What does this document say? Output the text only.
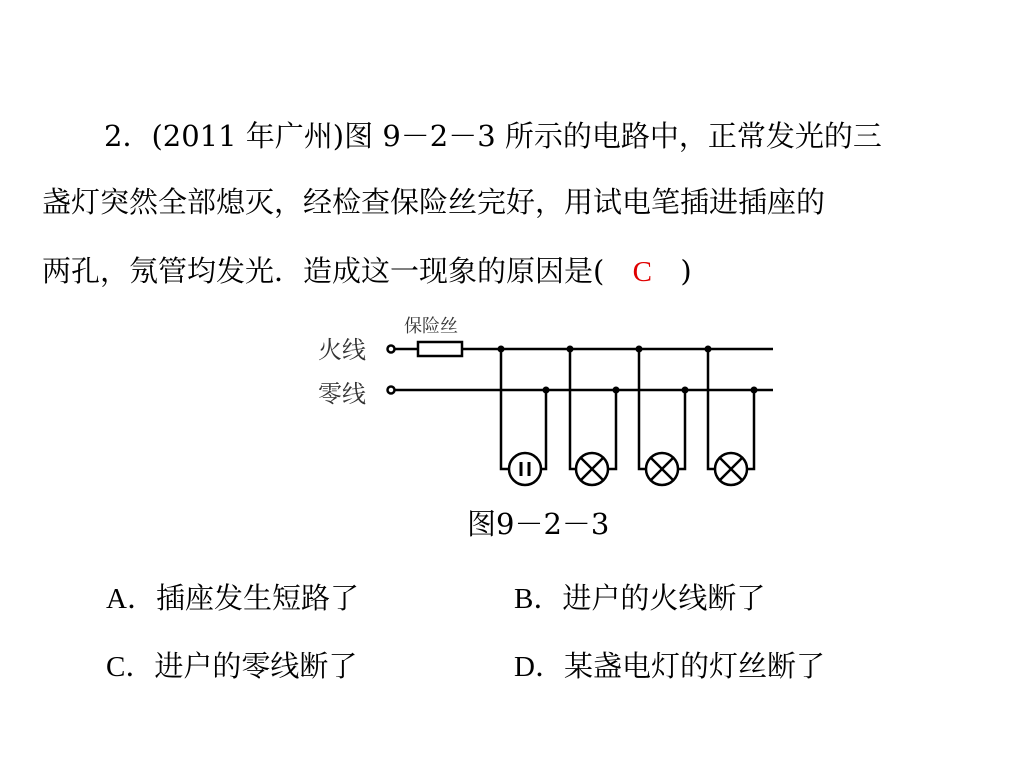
2．(2011 年广州)图 9－2－3 所示的电路中，正常发光的三
盏灯突然全部熄灭，经检查保险丝完好，用试电笔插进插座的
两孔，氖管均发光．造成这一现象的原因是( C )
火线
零线
保险丝
图9－2－3
A．插座发生短路了	B．进户的火线断了
C．进户的零线断了	D．某盏电灯的灯丝断了
